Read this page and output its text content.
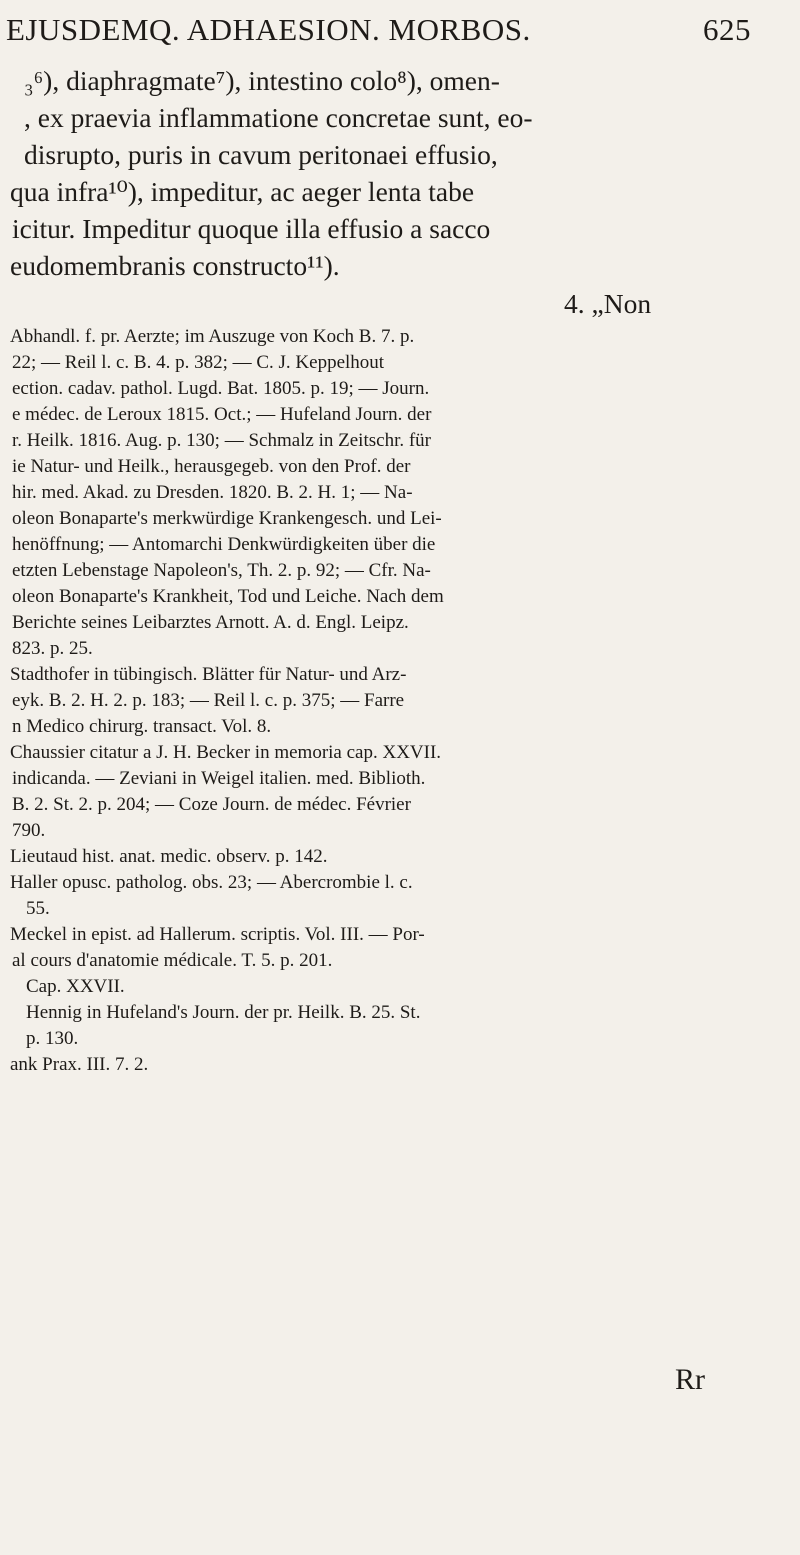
EJUSDEMQ. ADHAESION. MORBOS.	625
₃⁶), diaphragmate⁷), intestino colo⁸), omen-
, ex praevia inflammatione concretae sunt, eo-
disrupto, puris in cavum peritonaei effusio,
qua infra¹⁰), impeditur, ac aeger lenta tabe
icitur. Impeditur quoque illa effusio a sacco
eudomembranis constructo¹¹).
4. „Non
Abhandl. f. pr. Aerzte; im Auszuge von Koch B. 7. p.
22; — Reil l. c. B. 4. p. 382; — C. J. Keppelhout
ection. cadav. pathol. Lugd. Bat. 1805. p. 19; — Journ.
e médec. de Leroux 1815. Oct.; — Hufeland Journ. der
r. Heilk. 1816. Aug. p. 130; — Schmalz in Zeitschr. für
ie Natur- und Heilk., herausgegeb. von den Prof. der
hir. med. Akad. zu Dresden. 1820. B. 2. H. 1; — Na-
oleon Bonaparte's merkwürdige Krankengesch. und Lei-
henöffnung; — Antomarchi Denkwürdigkeiten über die
etzten Lebenstage Napoleon's, Th. 2. p. 92; — Cfr. Na-
oleon Bonaparte's Krankheit, Tod und Leiche. Nach dem
Berichte seines Leibarztes Arnott. A. d. Engl. Leipz.
823. p. 25.
Stadthofer in tübingisch. Blätter für Natur- und Arz-
eyk. B. 2. H. 2. p. 183; — Reil l. c. p. 375; — Farre
n Medico chirurg. transact. Vol. 8.
Chaussier citatur a J. H. Becker in memoria cap. XXVII.
indicanda. — Zeviani in Weigel italien. med. Biblioth.
B. 2. St. 2. p. 204; — Coze Journ. de médec. Février
790.
Lieutaud hist. anat. medic. observ. p. 142.
Haller opusc. patholog. obs. 23; — Abercrombie l. c.
55.
Meckel in epist. ad Hallerum. scriptis. Vol. III. — Por-
al cours d'anatomie médicale. T. 5. p. 201.
Cap. XXVII.
Hennig in Hufeland's Journ. der pr. Heilk. B. 25. St.
p. 130.
ank Prax. III. 7. 2.
Rr
